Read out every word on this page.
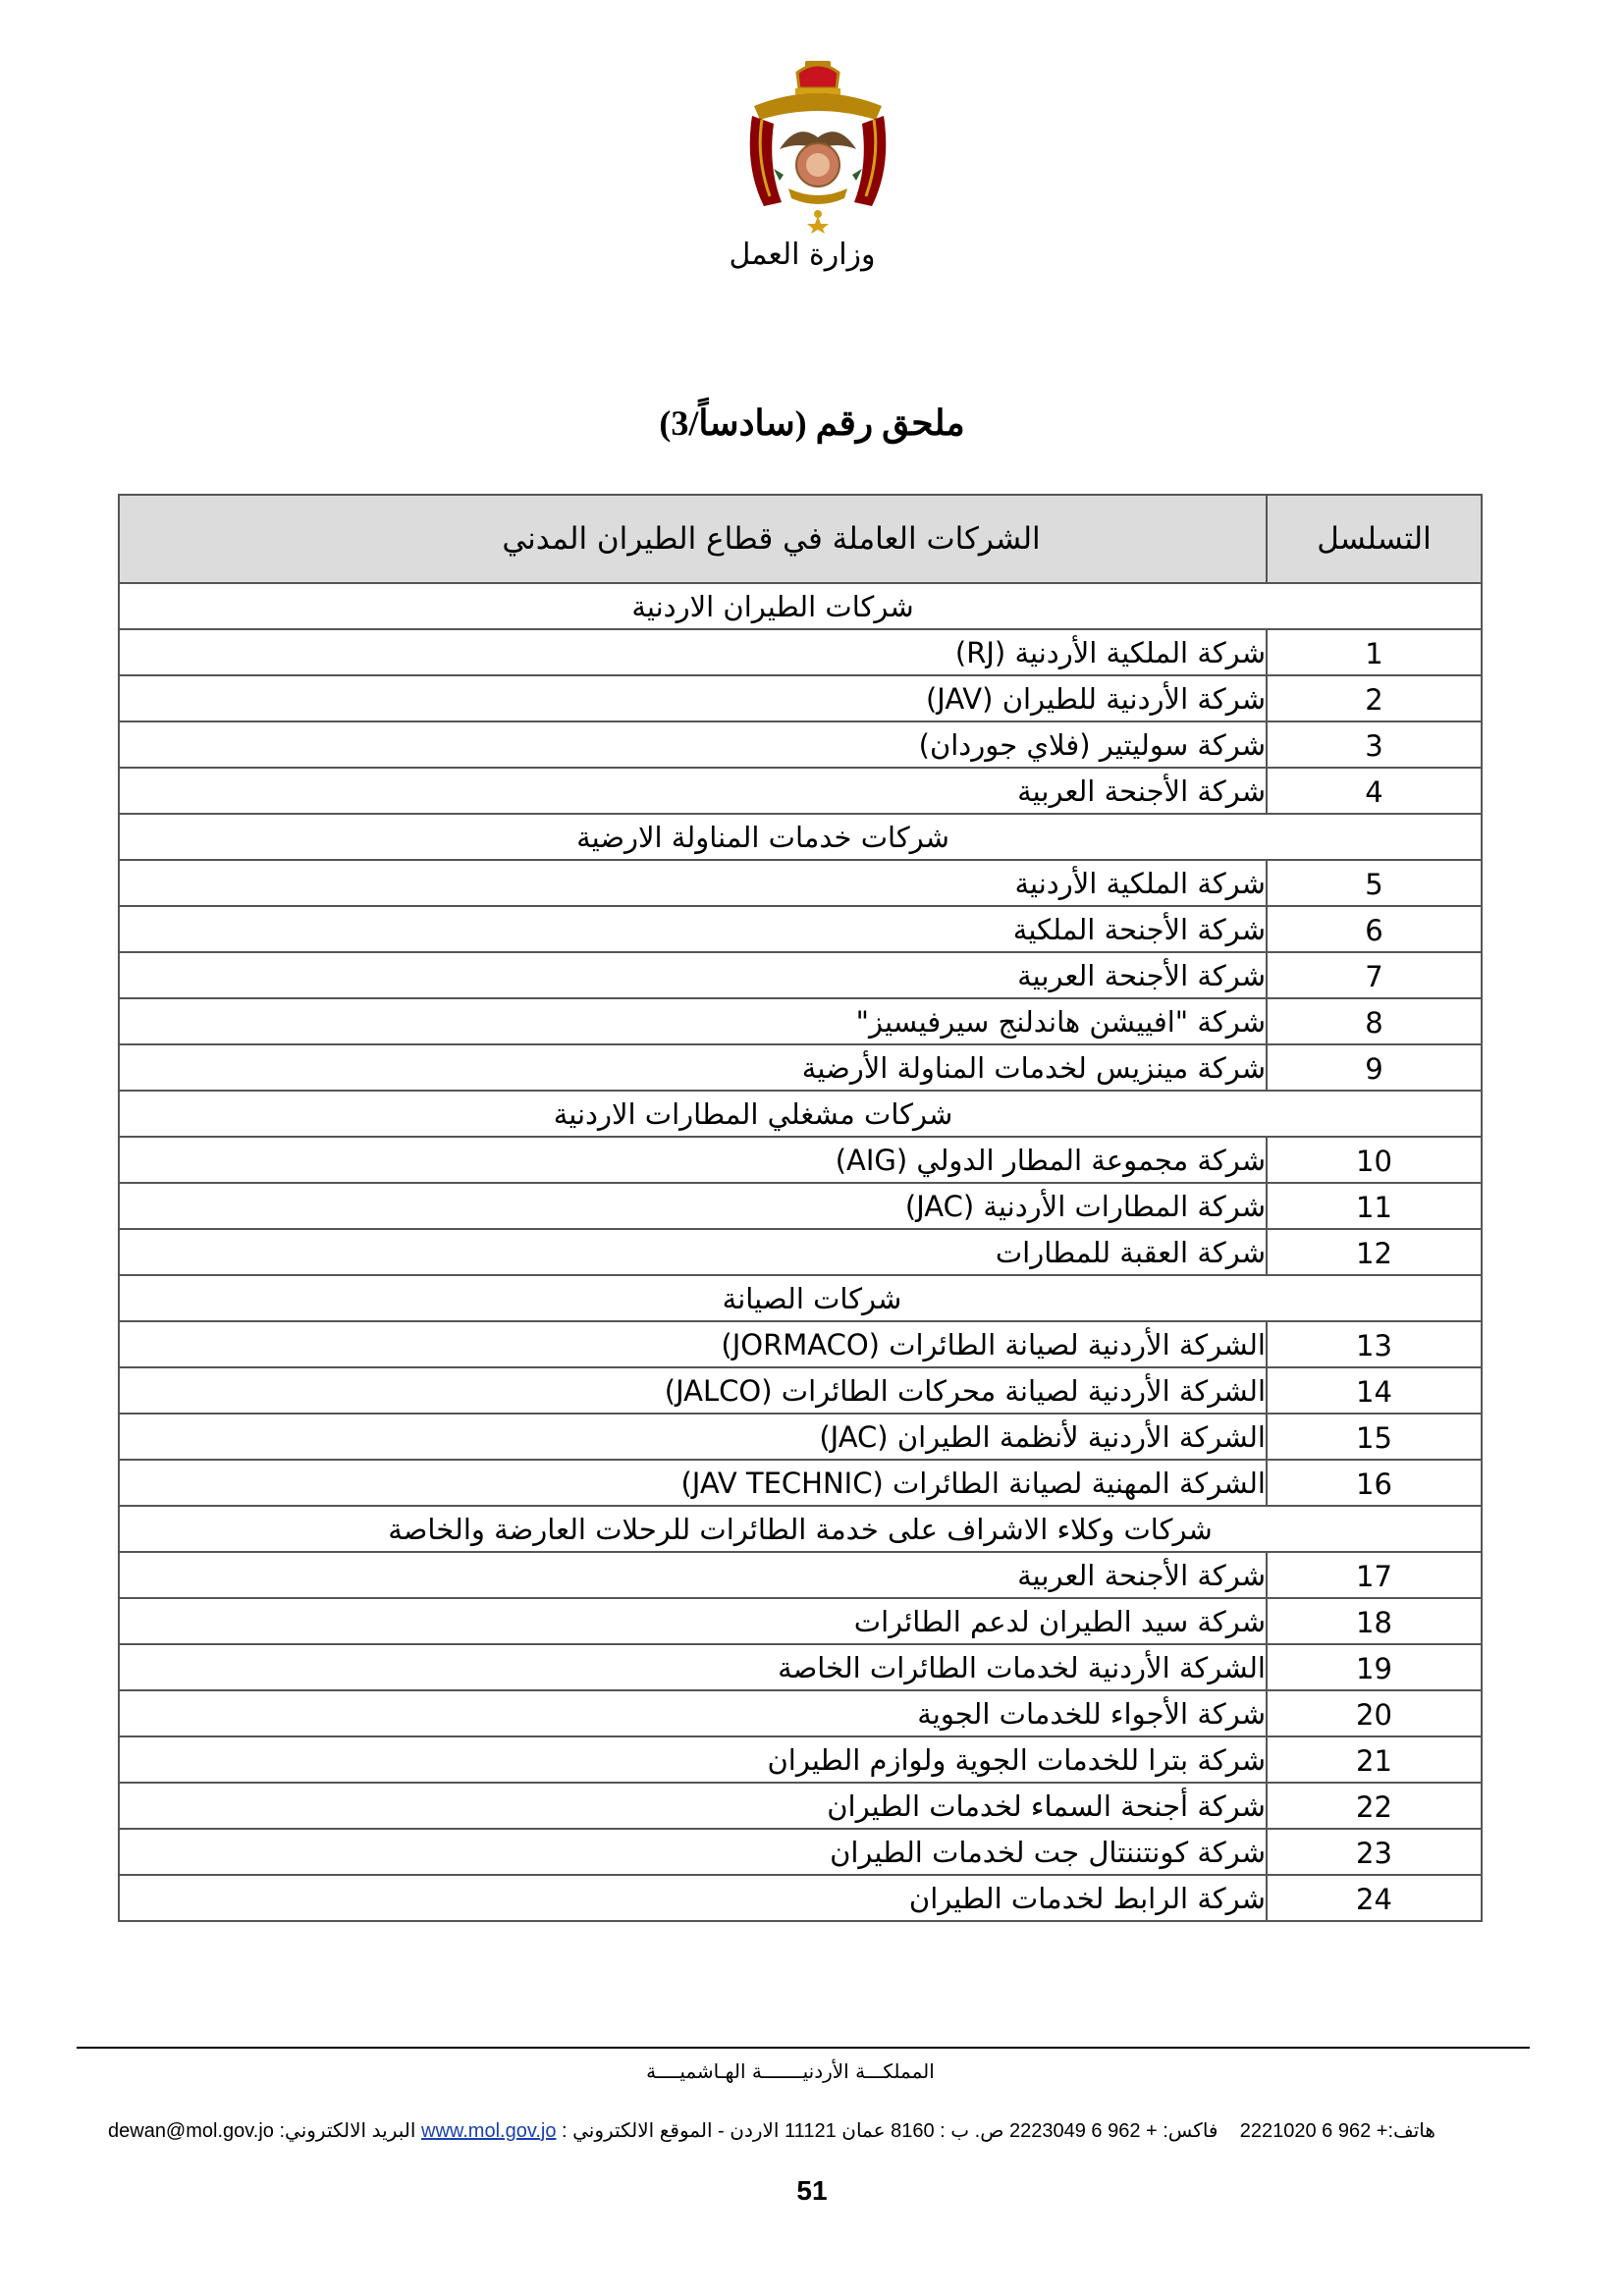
وزارة العمل
ملحق رقم (سادساً/3)
التسلسل	الشركات العاملة في قطاع الطيران المدني
شركات الطيران الاردنية	
1	شركة الملكية الأردنية (RJ)
2	شركة الأردنية للطيران (JAV)
3	شركة سوليتير (فلاي جوردان)
4	شركة الأجنحة العربية
شركات خدمات المناولة الارضية	
5	شركة الملكية الأردنية
6	شركة الأجنحة الملكية
7	شركة الأجنحة العربية
8	شركة "افييشن هاندلنج سيرفيسيز"
9	شركة مينزيس لخدمات المناولة الأرضية
شركات مشغلي المطارات الاردنية	
10	شركة مجموعة المطار الدولي (AIG)
11	شركة المطارات الأردنية (JAC)
12	شركة العقبة للمطارات
شركات الصيانة	
13	الشركة الأردنية لصيانة الطائرات (JORMACO)
14	الشركة الأردنية لصيانة محركات الطائرات (JALCO)
15	الشركة الأردنية لأنظمة الطيران (JAC)
16	الشركة المهنية لصيانة الطائرات (JAV TECHNIC)
شركات وكلاء الاشراف على خدمة الطائرات للرحلات العارضة والخاصة	
17	شركة الأجنحة العربية
18	شركة سيد الطيران لدعم الطائرات
19	الشركة الأردنية لخدمات الطائرات الخاصة
20	شركة الأجواء للخدمات الجوية
21	شركة بترا للخدمات الجوية ولوازم الطيران
22	شركة أجنحة السماء لخدمات الطيران
23	شركة كونتننتال جت لخدمات الطيران
24	شركة الرابط لخدمات الطيران
المملكـــة الأردنيـــــــة الهـاشميــــة
هاتف:+ 962 6 2221020    فاكس: + 962 6 2223049 ص. ب : 8160 عمان 11121 الاردن - الموقع الالكتروني : www.mol.gov.jo البريد الالكتروني: dewan@mol.gov.jo
51
